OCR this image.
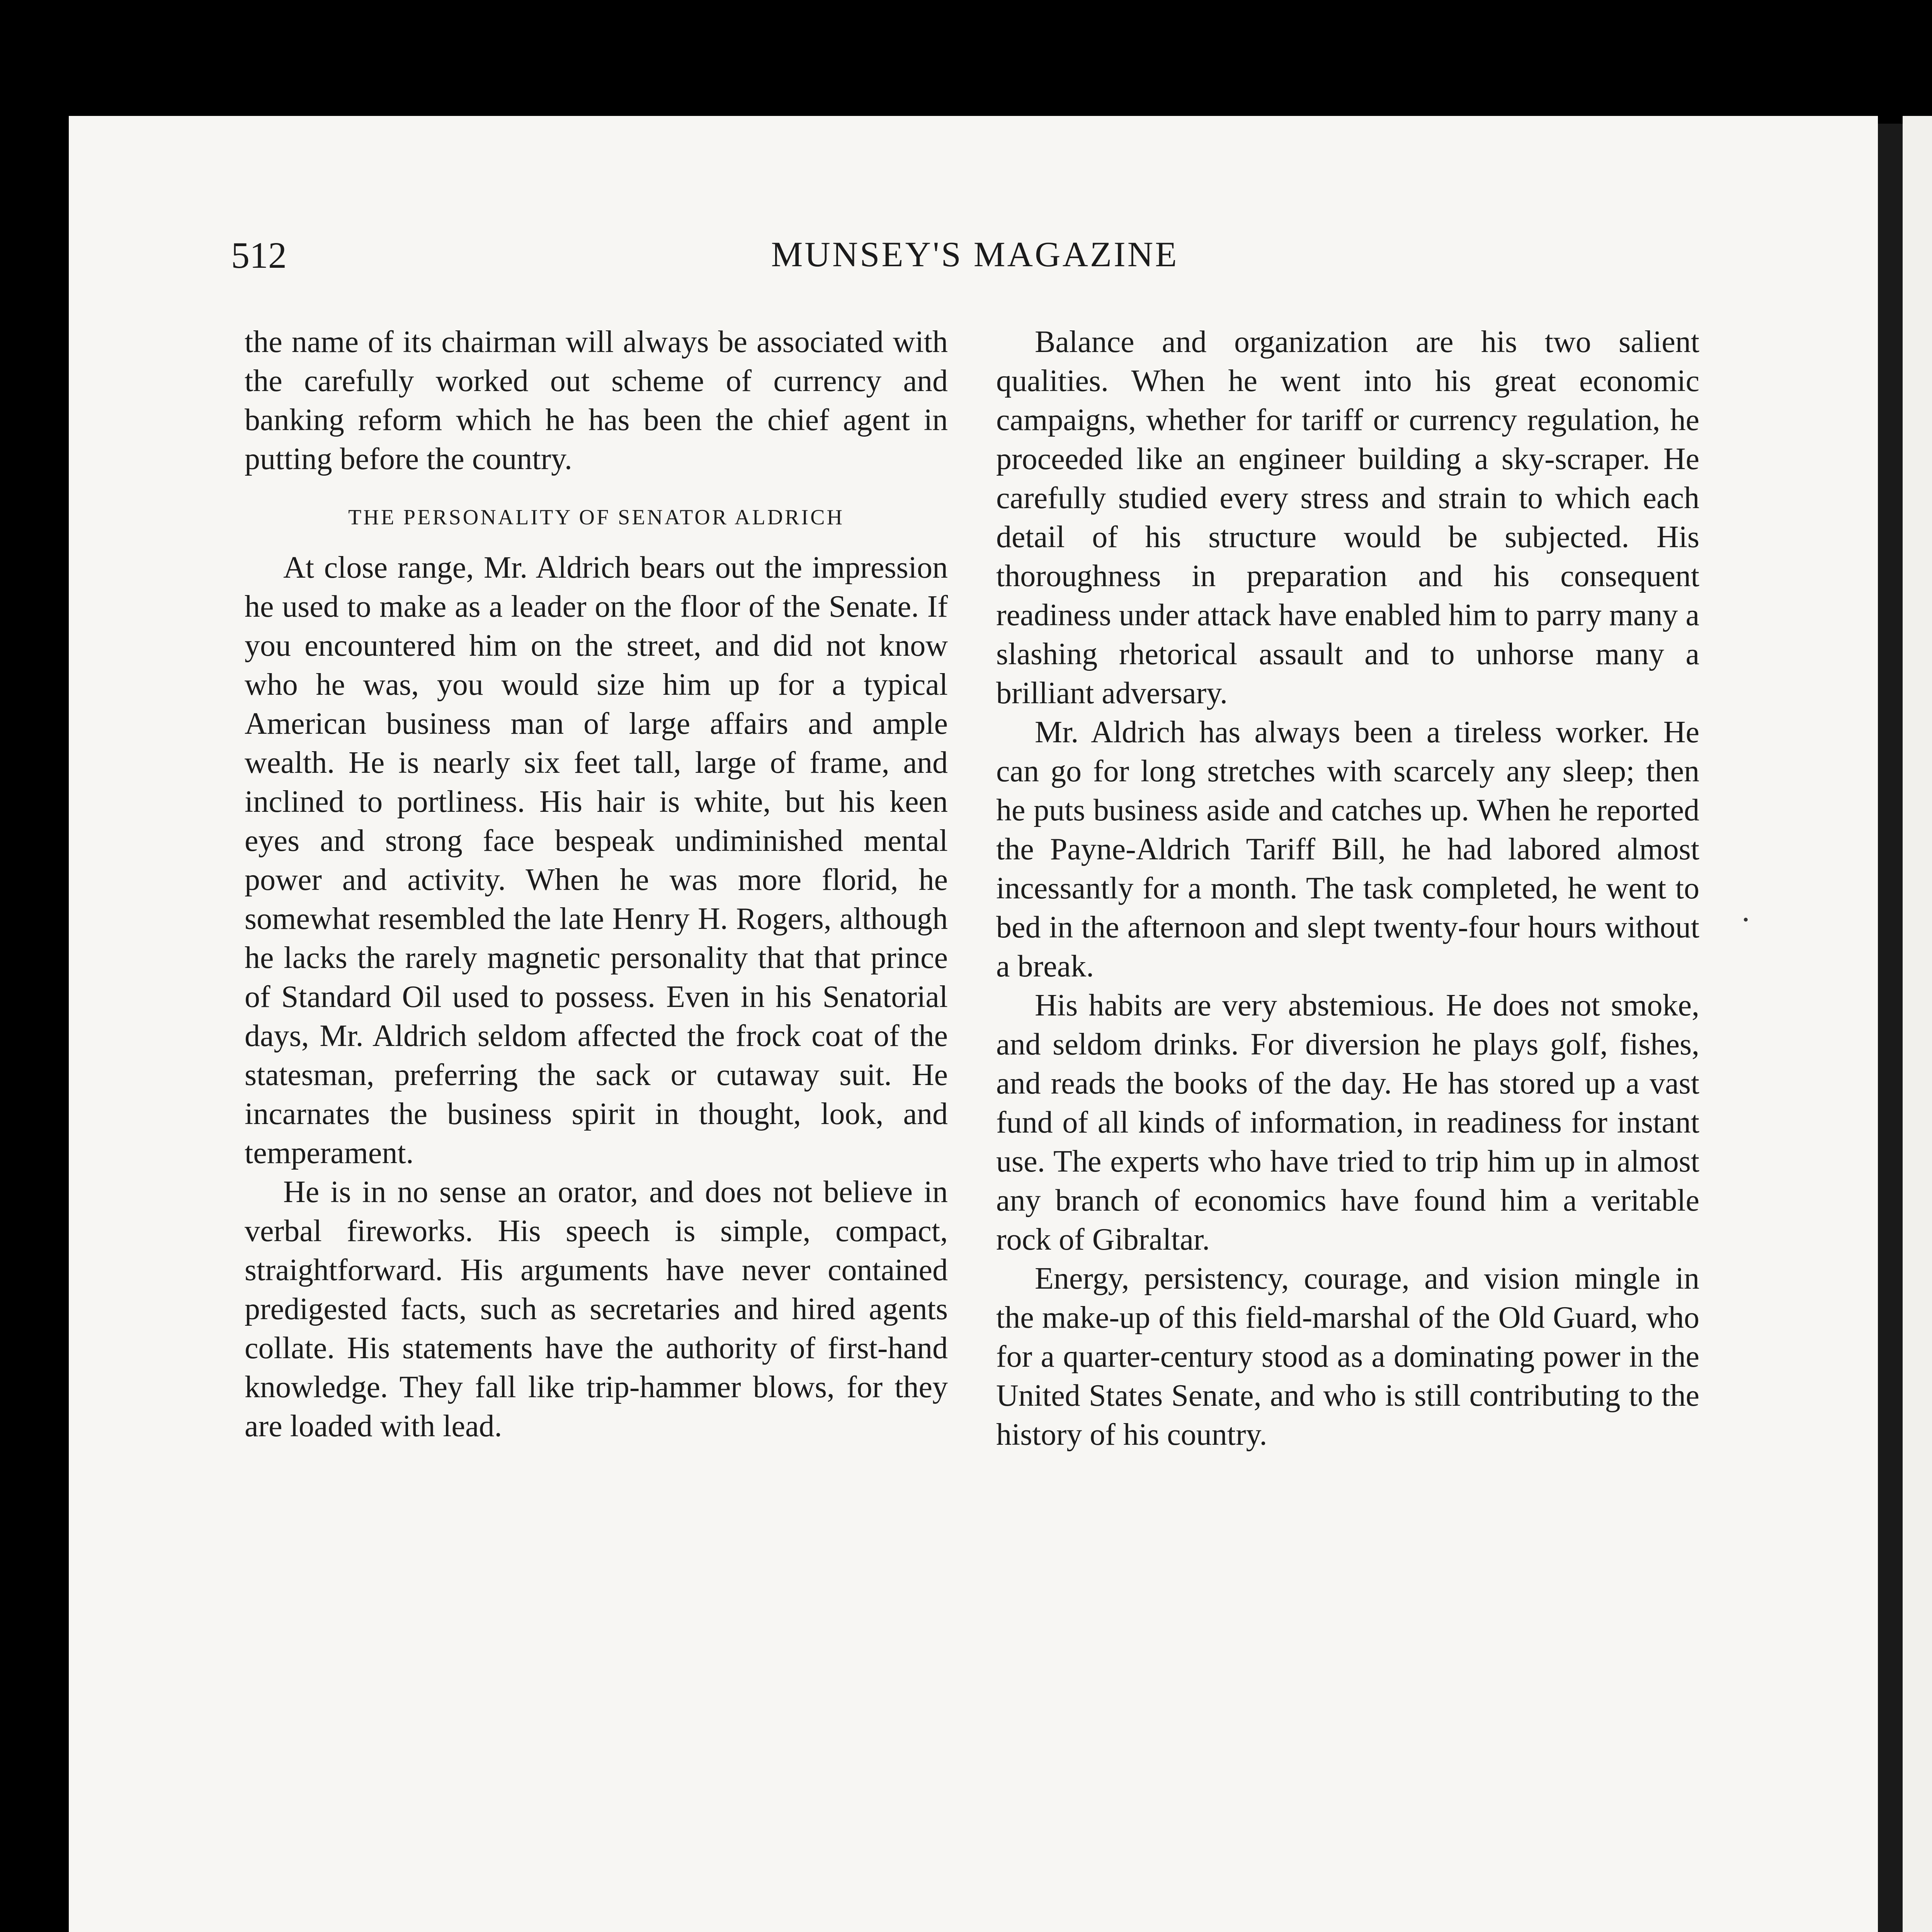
512	MUNSEY'S MAGAZINE

the name of its chairman will always be associated with the carefully worked out scheme of currency and banking reform which he has been the chief agent in putting before the country.

THE PERSONALITY OF SENATOR ALDRICH

At close range, Mr. Aldrich bears out the impression he used to make as a leader on the floor of the Senate. If you encountered him on the street, and did not know who he was, you would size him up for a typical American business man of large affairs and ample wealth. He is nearly six feet tall, large of frame, and inclined to portliness. His hair is white, but his keen eyes and strong face bespeak undiminished mental power and activity. When he was more florid, he somewhat resembled the late Henry H. Rogers, although he lacks the rarely magnetic personality that that prince of Standard Oil used to possess. Even in his Senatorial days, Mr. Aldrich seldom affected the frock coat of the statesman, preferring the sack or cutaway suit. He incarnates the business spirit in thought, look, and temperament.

He is in no sense an orator, and does not believe in verbal fireworks. His speech is simple, compact, straightforward. His arguments have never contained predigested facts, such as secretaries and hired agents collate. His statements have the authority of first-hand knowledge. They fall like trip-hammer blows, for they are loaded with lead.

Balance and organization are his two salient qualities. When he went into his great economic campaigns, whether for tariff or currency regulation, he proceeded like an engineer building a sky-scraper. He carefully studied every stress and strain to which each detail of his structure would be subjected. His thoroughness in preparation and his consequent readiness under attack have enabled him to parry many a slashing rhetorical assault and to unhorse many a brilliant adversary.

Mr. Aldrich has always been a tireless worker. He can go for long stretches with scarcely any sleep; then he puts business aside and catches up. When he reported the Payne-Aldrich Tariff Bill, he had labored almost incessantly for a month. The task completed, he went to bed in the afternoon and slept twenty-four hours without a break.

His habits are very abstemious. He does not smoke, and seldom drinks. For diversion he plays golf, fishes, and reads the books of the day. He has stored up a vast fund of all kinds of information, in readiness for instant use. The experts who have tried to trip him up in almost any branch of economics have found him a veritable rock of Gibraltar.

Energy, persistency, courage, and vision mingle in the make-up of this field-marshal of the Old Guard, who for a quarter-century stood as a dominating power in the United States Senate, and who is still contributing to the history of his country.
